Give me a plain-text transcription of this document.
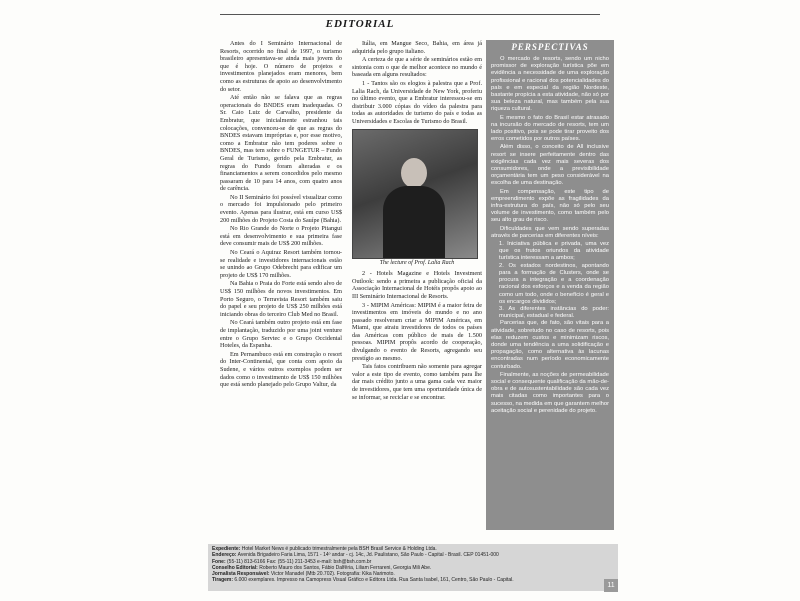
EDITORIAL

Antes do I Seminário Internacional de Resorts, ocorrido no final de 1997, o turismo brasileiro apresentava-se ainda mais jovem do que é hoje. O número de projetos e investimentos planejados eram menores, bem como as estruturas de apoio ao desenvolvimento do setor.

Até então não se falava que as regras operacionais do BNDES eram inadequadas. O Sr. Caio Luiz de Carvalho, presidente da Embratur, que inicialmente estranhou tais colocações, convenceu-se de que as regras do BNDES estavam impróprias e, por esse motivo, como a Embratur não tem poderes sobre o BNDES, mas tem sobre o FUNGETUR – Fundo Geral de Turismo, gerido pela Embratur, as regras do Fundo foram alteradas e os financiamentos a serem concedidos pelo mesmo passaram de 10 para 14 anos, com quatro anos de carência.

No II Seminário foi possível visualizar como o mercado foi impulsionado pelo primeiro evento. Apenas para ilustrar, está em curso US$ 200 milhões do Projeto Costa do Sauípe (Bahia).

No Rio Grande do Norte o Projeto Pitangui está em desenvolvimento e sua primeira fase deve consumir mais de US$ 200 milhões.

No Ceará o Aquiraz Resort também tornou-se realidade e investidores internacionais estão se unindo ao Grupo Odebrecht para edificar um projeto de US$ 170 milhões.

Na Bahia o Praia do Forte está sendo alvo de US$ 150 milhões de novos investimentos. Em Porto Seguro, o Terravista Resort também saiu do papel e seu projeto de US$ 250 milhões está iniciando obras do terceiro Club Med no Brasil.

No Ceará também outro projeto está em fase de implantação, traduzido por uma joint venture entre o Grupo Servtec e o Grupo Occidental Hoteles, da Espanha.

Em Pernambuco está em construção o resort do Inter-Continental, que conta com apoio da Sudene, e vários outros exemplos podem ser dados como o investimento de US$ 150 milhões que está sendo planejado pelo Grupo Valtur, da

Itália, em Mangue Seco, Bahia, em área já adquirida pelo grupo italiano.

A certeza de que a série de seminários estão em sintonia com o que de melhor acontece no mundo é baseada em alguns resultados:

1 - Tantos são os elogios à palestra que a Prof. Lalia Rach, da Universidade de New York, proferiu no último evento, que a Embratur interessou-se em distribuir 3.000 cópias do vídeo da palestra para todas as autoridades de turismo do país e todas as Universidades e Escolas de Turismo do Brasil.

The lecture of Prof. Lalia Rach

2 - Hotels Magazine e Hotels Investment Outlook: sendo a primeira a publicação oficial da Associação Internacional de Hotéis propôs apoio ao III Seminário Internacional de Resorts.

3 - MIPIM Américas: MIPIM é a maior feira de investimentos em imóveis do mundo e no ano passado resolveram criar a MIPIM Américas, em Miami, que atraiu investidores de todos os países das Américas com público de mais de 1.500 pessoas. MIPIM propôs acordo de cooperação, divulgando o evento de Resorts, agregando seu prestígio ao mesmo.

Tais fatos contribuem não somente para agregar valor a este tipo de evento, como também para lhe dar mais crédito junto a uma gama cada vez maior de investidores, que tem uma oportunidade única de se informar, se reciclar e se encontrar.

PERSPECTIVAS

O mercado de resorts, sendo um nicho promissor de exploração turística põe em evidência a necessidade de uma exploração profissional e racional dos potencialidades do país e em especial da região Nordeste, bastante propícia a esta atividade, não só por sua beleza natural, mas também pela sua riqueza cultural.

E mesmo o fato do Brasil estar atrasado na incursão do mercado de resorts, tem um lado positivo, pois se pode tirar proveito dos erros cometidos por outros países.

Além disso, o conceito de All inclusive resort se insere perfeitamente dentro das exigências cada vez mais severas dos consumidores, onde a previsibilidade orçamentária tem um peso considerável na escolha de uma destinação.

Em compensação, este tipo de empreendimento expõe as fragilidades da infra-estrutura do país, não só pelo seu volume de investimento, como também pelo seu alto grau de risco.

Dificuldades que vem sendo superadas através de parcerias em diferentes níveis:

1. Iniciativa pública e privada, uma vez que os frutos oriundos da atividade turística interessam a ambos;
2. Os estados nordestinos, apontando para a formação de Clusters, onde se procura a integração e a coordenação racional dos esforços e a venda da região como um todo, onde o benefício é geral e os encargos divididos;
3. As diferentes instâncias do poder: municipal, estadual e federal.

Parcerias que, de fato, são vitais para a atividade, sobretudo no caso de resorts, pois elas reduzem custos e minimizam riscos, donde uma tendência a uma solidificação e propagação, como alternativa às lacunas encontradas num período economicamente conturbado.

Finalmente, as noções de permeabilidade social e consequente qualificação da mão-de-obra e de autosustentabilidade são cada vez mais citadas como importantes para o sucesso, na medida em que garantem melhor aceitação social e perenidade do projeto.

Expediente: Hotel Market News é publicado trimestralmente pela BSH Brasil Service & Holding Ltda.
Endereço: Avenida Brigadeiro Faria Lima, 1571 - 14º andar - cj. 14c, Jd. Paulistano, São Paulo - Capital - Brasil. CEP 01451-000
Fone: (55-11) 813-6166 Fax: (55-11) 211-3453 e-mail: bsh@bsh.com.br
Conselho Editorial: Roberto Mauro dos Santos, Fábio Dalfêria, Liliam Ferrareni, Georgia Mili Abe.
Jornalista Responsável: Victor Manadel (Mtb 20.702). Fotografia: Kika Narimoto.
Tiragem: 6.000 exemplares. Impresso na Camopress Visual Gráfico e Editora Ltda. Rua Santa Isabel, 161, Centro, São Paulo - Capital.
11
